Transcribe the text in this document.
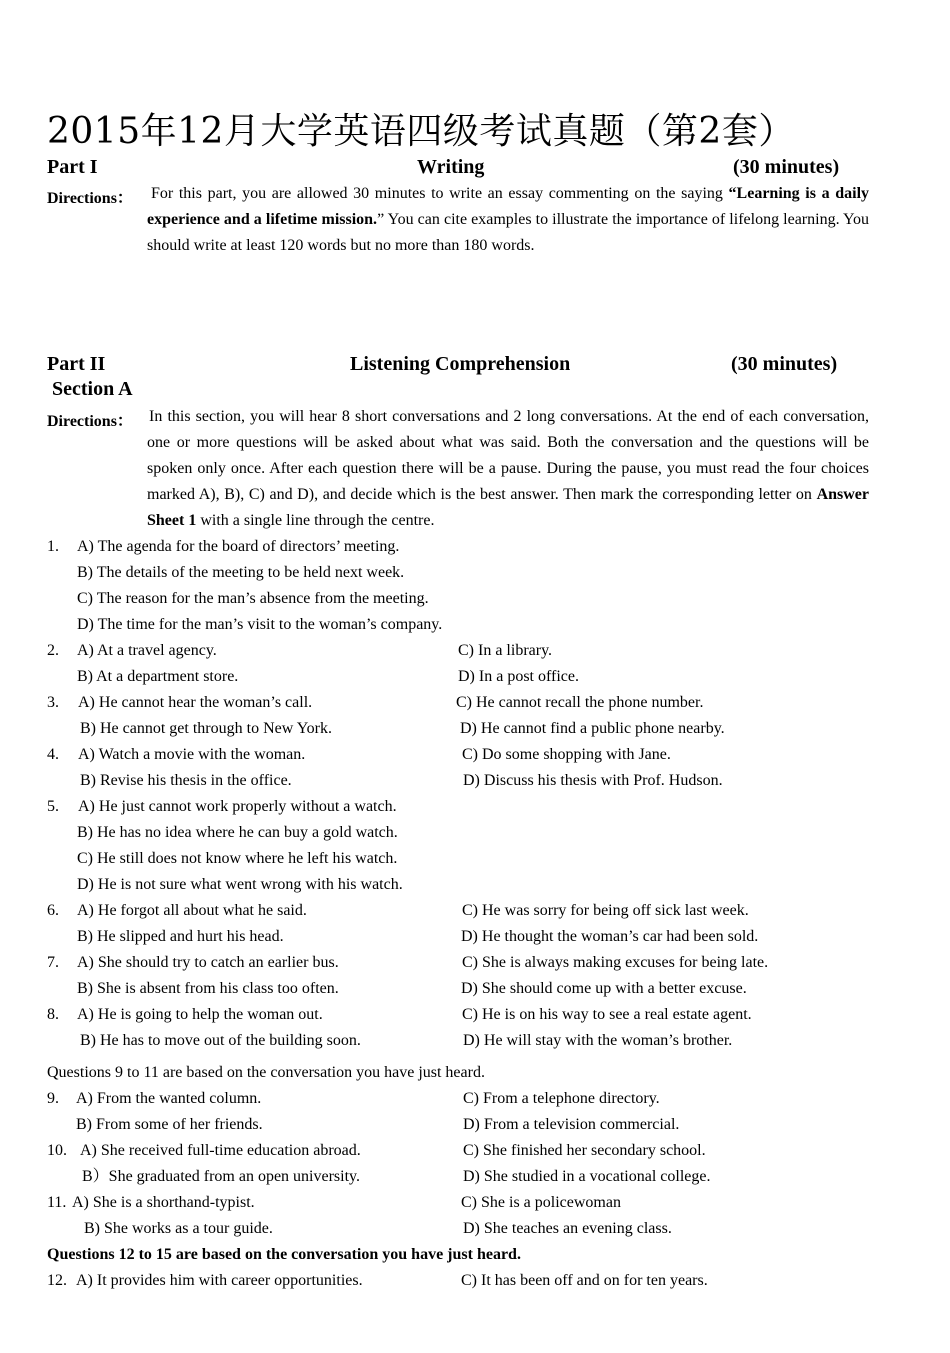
2015年12月大学英语四级考试真题（第2套）
Part I	Writing	(30 minutes)
Directions： For this part, you are allowed 30 minutes to write an essay commenting on the saying “Learning is a daily experience and a lifetime mission.” You can cite examples to illustrate the importance of lifelong learning. You should write at least 120 words but no more than 180 words.
Part II	Listening Comprehension	(30 minutes)
Section A
Directions： In this section, you will hear 8 short conversations and 2 long conversations. At the end of each conversation, one or more questions will be asked about what was said. Both the conversation and the questions will be spoken only once. After each question there will be a pause. During the pause, you must read the four choices marked A), B), C) and D), and decide which is the best answer. Then mark the corresponding letter on Answer Sheet 1 with a single line through the centre.
1. A) The agenda for the board of directors’ meeting.
B) The details of the meeting to be held next week.
C) The reason for the man’s absence from the meeting.
D) The time for the man’s visit to the woman’s company.
2. A) At a travel agency.	C) In a library.
B) At a department store.	D) In a post office.
3. A) He cannot hear the woman’s call.	C) He cannot recall the phone number.
B) He cannot get through to New York.	D) He cannot find a public phone nearby.
4. A) Watch a movie with the woman.	C) Do some shopping with Jane.
B) Revise his thesis in the office.	D) Discuss his thesis with Prof. Hudson.
5. A) He just cannot work properly without a watch.
B) He has no idea where he can buy a gold watch.
C) He still does not know where he left his watch.
D) He is not sure what went wrong with his watch.
6. A) He forgot all about what he said.	C) He was sorry for being off sick last week.
B) He slipped and hurt his head.	D) He thought the woman’s car had been sold.
7. A) She should try to catch an earlier bus.	C) She is always making excuses for being late.
B) She is absent from his class too often.	D) She should come up with a better excuse.
8. A) He is going to help the woman out.	C) He is on his way to see a real estate agent.
B) He has to move out of the building soon.	D) He will stay with the woman’s brother.
Questions 9 to 11 are based on the conversation you have just heard.
9. A) From the wanted column.	C) From a telephone directory.
B) From some of her friends.	D) From a television commercial.
10. A) She received full-time education abroad.	C) She finished her secondary school.
B）She graduated from an open university.	D) She studied in a vocational college.
11. A) She is a shorthand-typist.	C) She is a policewoman
B) She works as a tour guide.	D) She teaches an evening class.
Questions 12 to 15 are based on the conversation you have just heard.
12. A) It provides him with career opportunities.	C) It has been off and on for ten years.
